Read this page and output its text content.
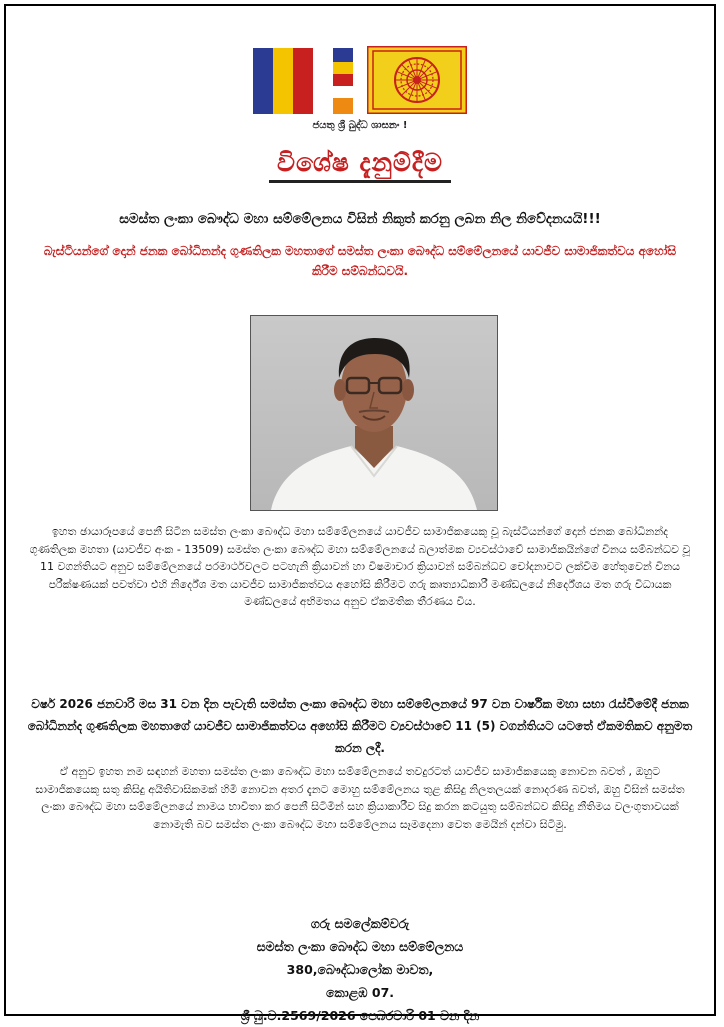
ජයතු ශ්‍රී බුද්ධ ශාසනං !
විශේෂ දැනුම්දීම
සමස්ත ලංකා බෞද්ධ මහා සම්මේලනය විසින් නිකුත් කරනු ලබන නිල නිවේදනයයි!!!
බැස්ටියන්ගේ දොන් ජනක බෝධිනන්ද ගුණතිලක මහතාගේ සමස්ත ලංකා බෞද්ධ සම්මේලනයේ යාවජීව සාමාජිකත්වය අහෝසි කිරීම සම්බන්ධවයි.
ඉහත ඡායාරූපයේ පෙනී සිටින සමස්ත ලංකා බෞද්ධ මහා සම්මේලනයේ යාවජීව සාමාජිකයෙකු වූ බැස්ටියන්ගේ දොන් ජනක බෝධිනන්ද ගුණතිලක මහතා (යාවජීව අංක - 13509) සමස්ත ලංකා බෞද්ධ මහා සම්මේලනයේ බලාත්මක ව්‍යවස්ථාවේ සාමාජිකයින්ගේ විනය සම්බන්ධව වූ 11 වගන්තියට අනුව සම්මේලනයේ පරමාර්ථවලට පටහැනි ක්‍රියාවන් හා විෂමාචාර ක්‍රියාවන් සම්බන්ධව චෝදනාවට ලක්වීම හේතුවෙන් විනය පරීක්ෂණයක් පවත්වා එහි නිර්දේශ මත යාවජීව සාමාජිකත්වය අහෝසි කිරීමට ගරු කෘත්‍යාධිකාරී මණ්ඩලයේ නිර්දේශය මත ගරු විධායක මණ්ඩලයේ අභිමතය අනුව ඒකමතික තීරණය විය.
වර්ෂ 2026 ජනවාරි මස 31 වන දින පැවැති සමස්ත ලංකා බෞද්ධ මහා සම්මේලනයේ 97 වන වාර්ෂික මහා සභා රැස්වීමේදී ජනක බෝධිනන්ද ගුණතිලක මහතාගේ යාවජීව සාමාජිකත්වය අහෝසි කිරීමට ව්‍යවස්ථාවේ 11 (5) වගන්තියට යටතේ ඒකමතිකව අනුමත කරන ලදී.
ඒ අනුව ඉහත නම සඳහන් මහතා සමස්ත ලංකා බෞද්ධ මහා සම්මේලනයේ තවදුරටත් යාවජීව සාමාජිකයෙකු නොවන බවත් , ඔහුට සාමාජිකයෙකු සතු කිසිදු අයිතිවාසිකමක් හිමි නොවන අතර දැනට මොහු සම්මේලනය තුළ කිසිදු නිලතලයක් නොදරණ බවත්, ඔහු විසින් සමස්ත ලංකා බෞද්ධ මහා සම්මේලනයේ නාමය භාවිතා කර පෙනී සිටිමින් සහ ක්‍රියාකාරීව සිදු කරන කටයුතු සම්බන්ධව කිසිදු නීතිමය වලංගුතාවයක් නොමැති බව සමස්ත ලංකා බෞද්ධ මහා සම්මේලනය සෑමදෙනා වෙත මෙයින් දන්වා සිටිමු.
ගරු සමලේකම්වරු
සමස්ත ලංකා බෞද්ධ මහා සම්මේලනය
380,බෞද්ධාලෝක මාවත,
කොළඹ 07.
ශ්‍රී බු.ව.2569/2026 පෙබරවාරි 01 වන දින
